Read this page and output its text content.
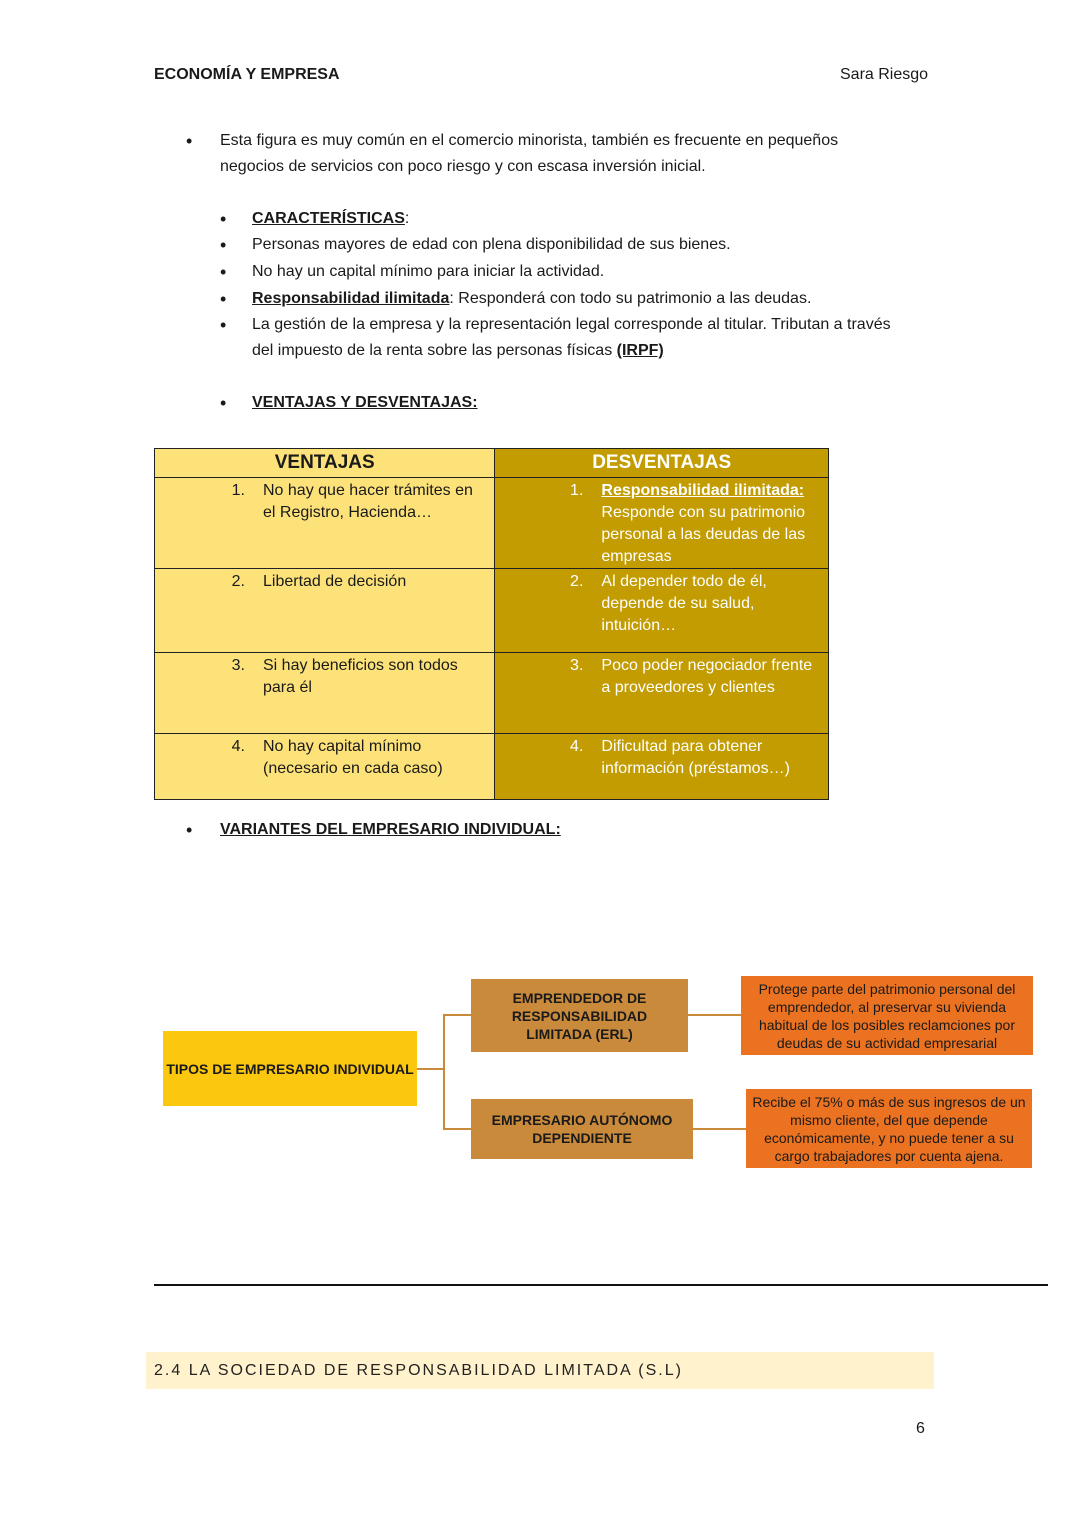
ECONOMÍA Y EMPRESA	Sara Riesgo
• Esta figura es muy común en el comercio minorista, también es frecuente en pequeños
negocios de servicios con poco riesgo y con escasa inversión inicial.
• CARACTERÍSTICAS:
• Personas mayores de edad con plena disponibilidad de sus bienes.
• No hay un capital mínimo para iniciar la actividad.
• Responsabilidad ilimitada: Responderá con todo su patrimonio a las deudas.
• La gestión de la empresa y la representación legal corresponde al titular. Tributan a través
del impuesto de la renta sobre las personas físicas (IRPF)
• VENTAJAS Y DESVENTAJAS:
VENTAJAS	DESVENTAJAS

1. No hay que hacer trámites en el Registro, Hacienda…	1. Responsabilidad ilimitada:
Responde con su patrimonio personal a las deudas de las empresas

2. Libertad de decisión	2. Al depender todo de él, depende de su salud, intuición…

3. Si hay beneficios son todos para él	3. Poco poder negociador frente a proveedores y clientes

4. No hay capital mínimo (necesario en cada caso)	4. Dificultad para obtener información (préstamos…)
• VARIANTES DEL EMPRESARIO INDIVIDUAL:
TIPOS DE EMPRESARIO INDIVIDUAL
EMPRENDEDOR DE RESPONSABILIDAD LIMITADA (ERL)
EMPRESARIO AUTÓNOMO DEPENDIENTE
Protege parte del patrimonio personal del emprendedor, al preservar su vivienda habitual de los posibles reclamciones por deudas de su actividad empresarial
Recibe el 75% o más de sus ingresos de un mismo cliente, del que depende económicamente, y no puede tener a su cargo trabajadores por cuenta ajena.
2.4 LA SOCIEDAD DE RESPONSABILIDAD LIMITADA (S.L)
6
